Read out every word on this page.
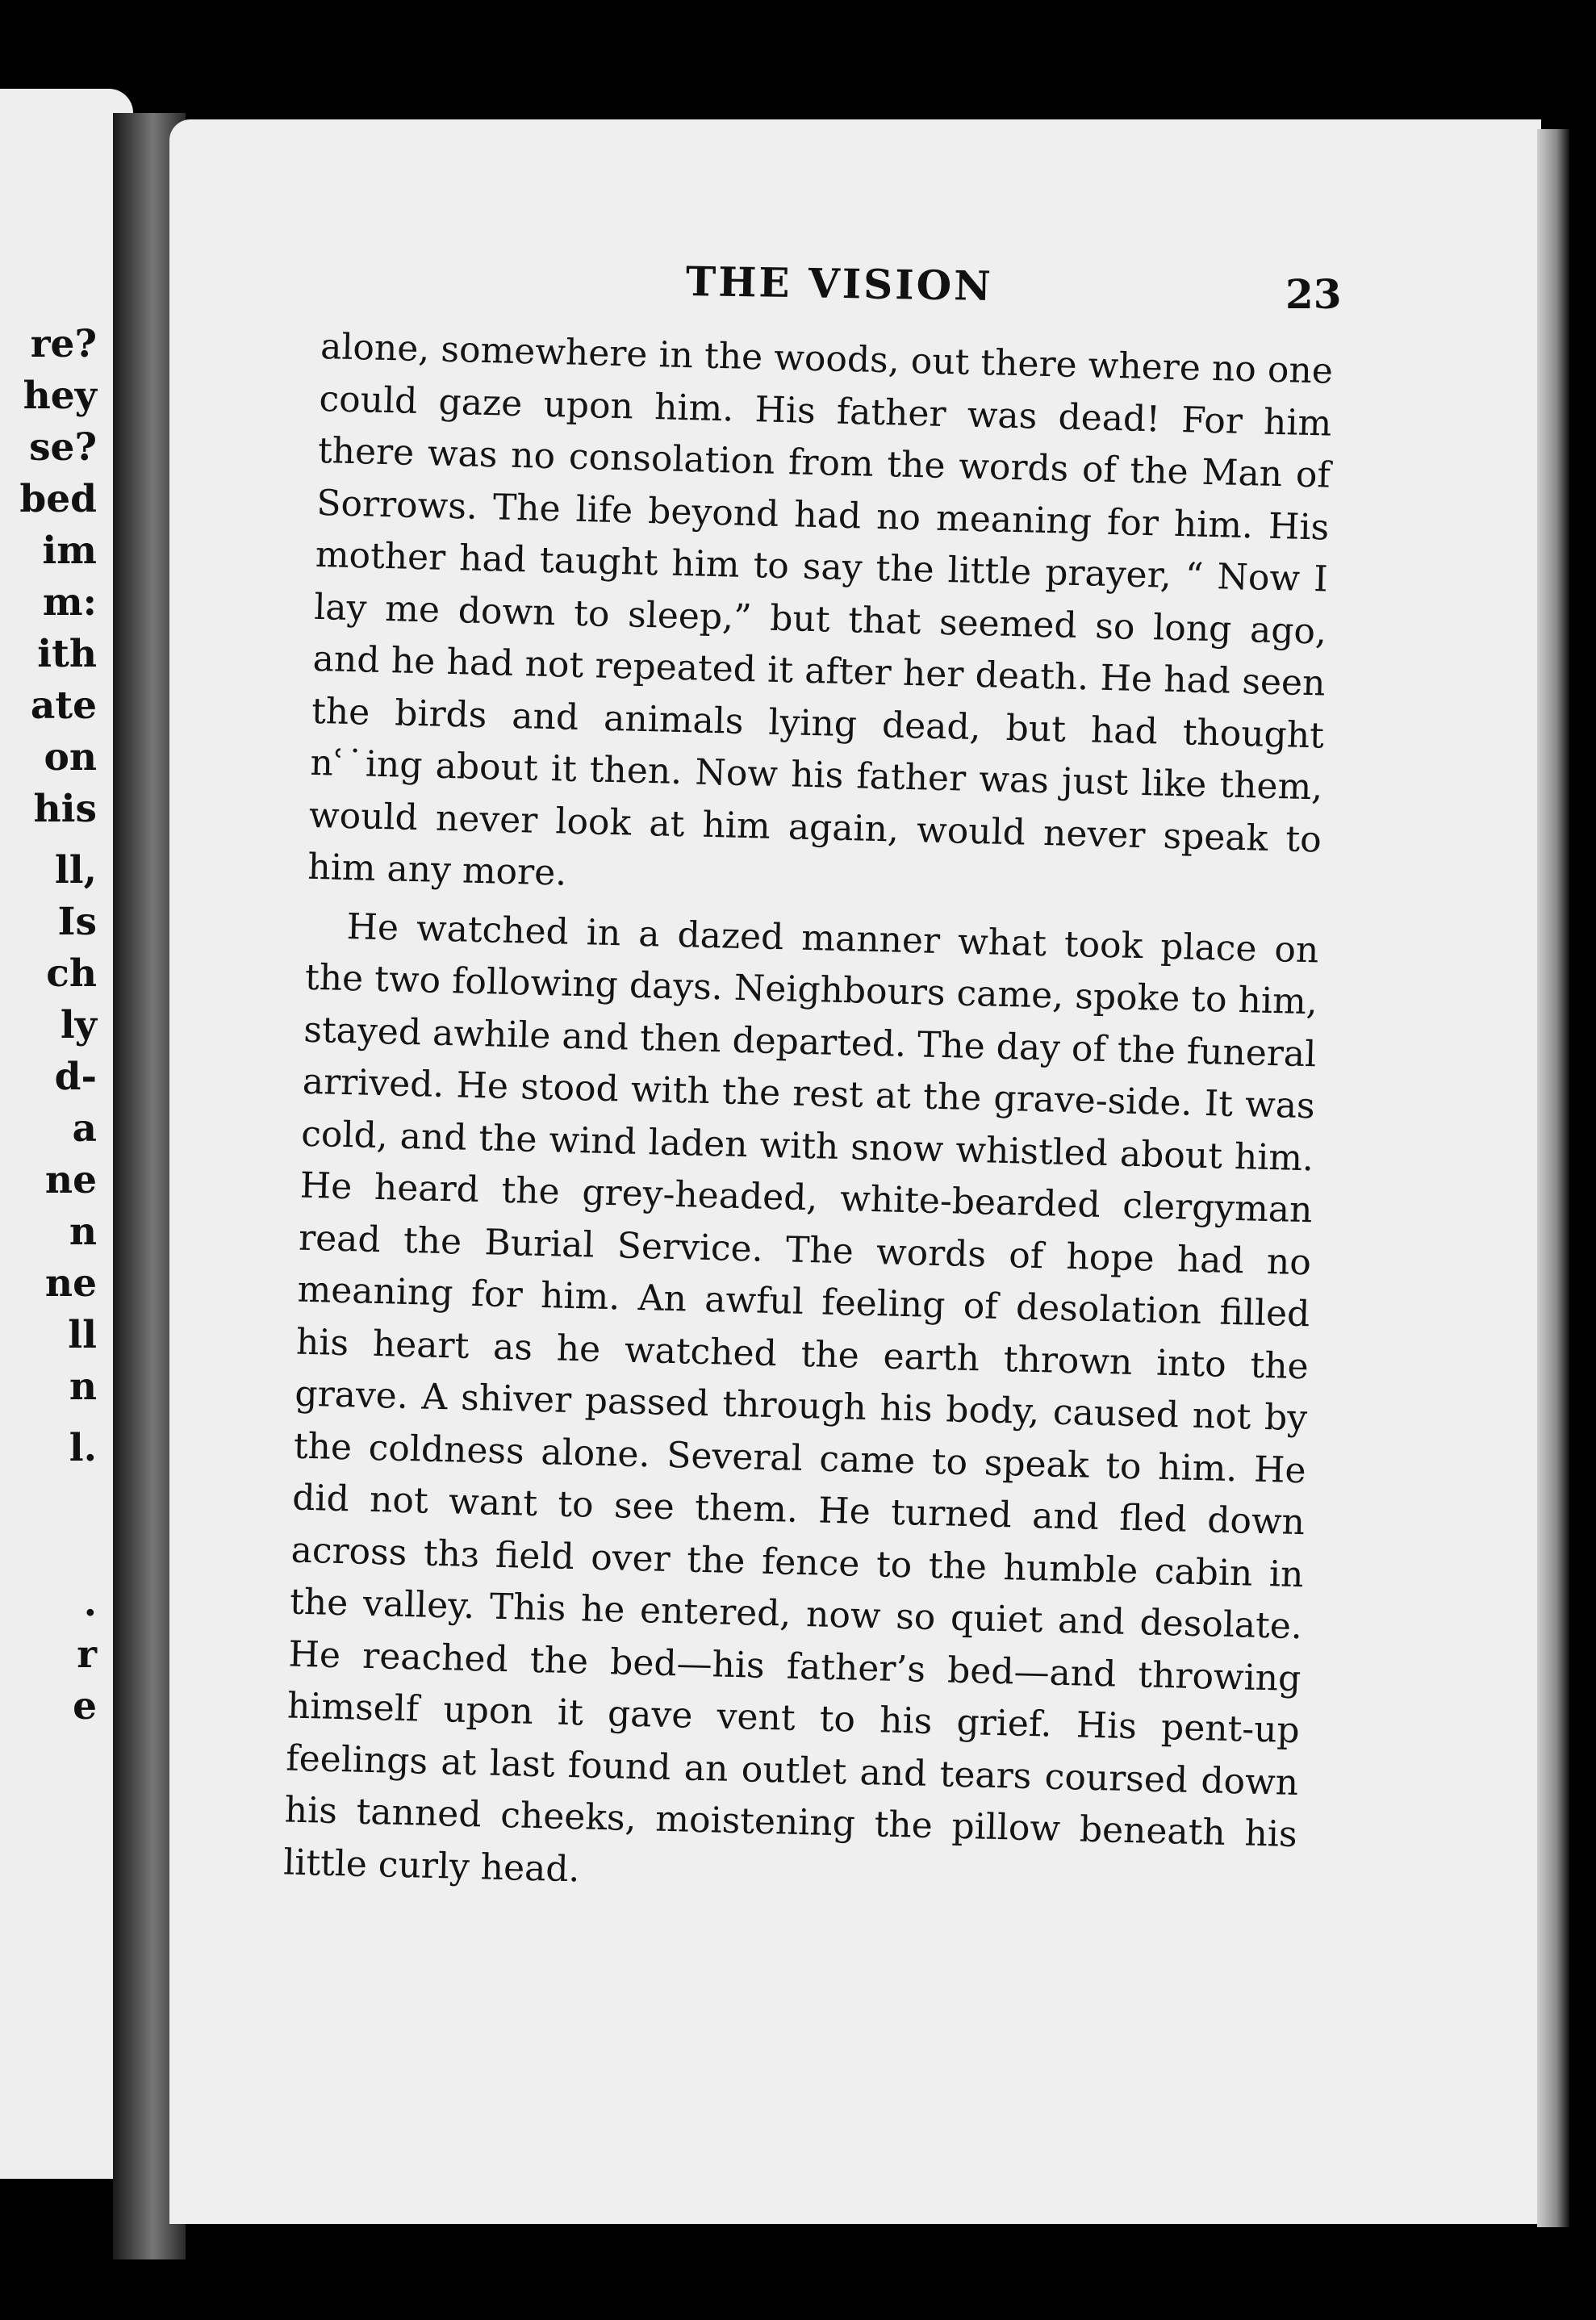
re?
hey
se?
bed
im
m:
ith
ate
on
his
ll,
Is
ch
ly
d-
a
ne
n
ne
ll
n
l.
.
r
e
THE VISION	23

alone, somewhere in the woods, out there where no one could gaze upon him. His father was dead! For him there was no consolation from the words of the Man of Sorrows. The life beyond had no meaning for him. His mother had taught him to say the little prayer, “ Now I lay me down to sleep,” but that seemed so long ago, and he had not repeated it after her death. He had seen the birds and animals lying dead, but had thought nʿ˙ing about it then. Now his father was just like them, would never look at him again, would never speak to him any more.

He watched in a dazed manner what took place on the two following days. Neighbours came, spoke to him, stayed awhile and then departed. The day of the funeral arrived. He stood with the rest at the grave-side. It was cold, and the wind laden with snow whistled about him. He heard the grey-headed, white-bearded clergyman read the Burial Service. The words of hope had no meaning for him. An awful feeling of desolation filled his heart as he watched the earth thrown into the grave. A shiver passed through his body, caused not by the coldness alone. Several came to speak to him. He did not want to see them. He turned and fled down across thɜ field over the fence to the humble cabin in the valley. This he entered, now so quiet and desolate. He reached the bed—his father’s bed—and throwing himself upon it gave vent to his grief. His pent-up feelings at last found an outlet and tears coursed down his tanned cheeks, moistening the pillow beneath his little curly head.
